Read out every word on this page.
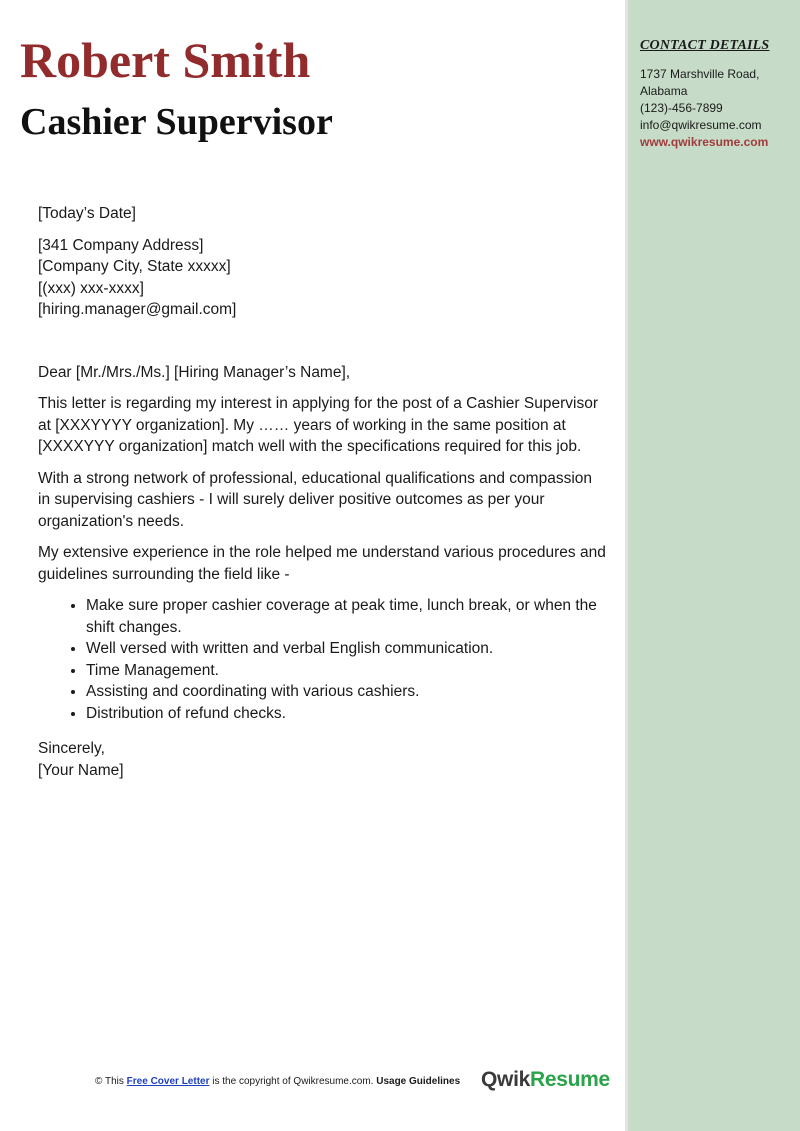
Robert Smith
Cashier Supervisor
CONTACT DETAILS
1737 Marshville Road,
Alabama
(123)-456-7899
info@qwikresume.com
www.qwikresume.com

[Today’s Date]

[341 Company Address]

[Company City, State xxxxx]

[(xxx) xxx-xxxx]

[hiring.manager@gmail.com]

Dear [Mr./Mrs./Ms.] [Hiring Manager’s Name],

This letter is regarding my interest in applying for the post of a Cashier Supervisor at [XXXYYYY organization]. My …… years of working in the same position at [XXXXYYY organization] match well with the specifications required for this job.

With a strong network of professional, educational qualifications and compassion in supervising cashiers - I will surely deliver positive outcomes as per your organization's needs.

My extensive experience in the role helped me understand various procedures and guidelines surrounding the field like -

• Make sure proper cashier coverage at peak time, lunch break, or when the shift changes.
• Well versed with written and verbal English communication.
• Time Management.
• Assisting and coordinating with various cashiers.
• Distribution of refund checks.

Sincerely,

[Your Name]

© This Free Cover Letter is the copyright of Qwikresume.com. Usage Guidelines QwikResume
